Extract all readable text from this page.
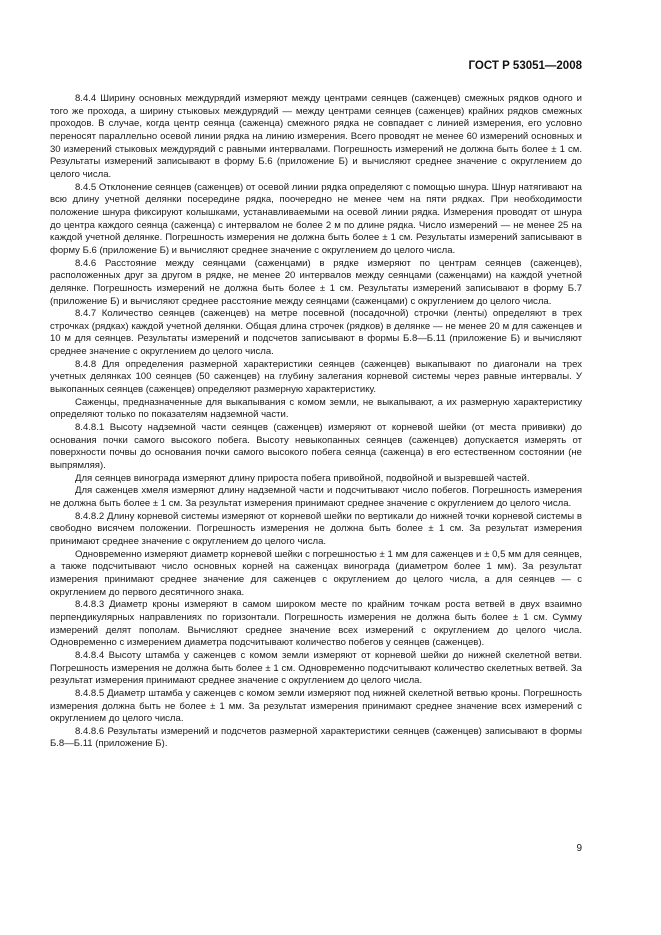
ГОСТ Р 53051—2008

8.4.4 Ширину основных междурядий измеряют между центрами сеянцев (саженцев) смежных рядков одного и того же прохода, а ширину стыковых междурядий — между центрами сеянцев (саженцев) крайних рядков смежных проходов. В случае, когда центр сеянца (саженца) смежного рядка не совпадает с линией измерения, его условно переносят параллельно осевой линии рядка на линию измерения. Всего проводят не менее 60 измерений основных и 30 измерений стыковых междурядий с равными интервалами. Погрешность измерений не должна быть более ± 1 см. Результаты измерений записывают в форму Б.6 (приложение Б) и вычисляют среднее значение с округлением до целого числа.

8.4.5 Отклонение сеянцев (саженцев) от осевой линии рядка определяют с помощью шнура. Шнур натягивают на всю длину учетной делянки посередине рядка, поочередно не менее чем на пяти рядках. При необходимости положение шнура фиксируют колышками, устанавливаемыми на осевой линии рядка. Измерения проводят от шнура до центра каждого сеянца (саженца) с интервалом не более 2 м по длине рядка. Число измерений — не менее 25 на каждой учетной делянке. Погрешность измерения не должна быть более ± 1 см. Результаты измерений записывают в форму Б.6 (приложение Б) и вычисляют среднее значение с округлением до целого числа.

8.4.6 Расстояние между сеянцами (саженцами) в рядке измеряют по центрам сеянцев (саженцев), расположенных друг за другом в рядке, не менее 20 интервалов между сеянцами (саженцами) на каждой учетной делянке. Погрешность измерений не должна быть более ± 1 см. Результаты измерений записывают в форму Б.7 (приложение Б) и вычисляют среднее расстояние между сеянцами (саженцами) с округлением до целого числа.

8.4.7 Количество сеянцев (саженцев) на метре посевной (посадочной) строчки (ленты) определяют в трех строчках (рядках) каждой учетной делянки. Общая длина строчек (рядков) в делянке — не менее 20 м для саженцев и 10 м для сеянцев. Результаты измерений и подсчетов записывают в формы Б.8—Б.11 (приложение Б) и вычисляют среднее значение с округлением до целого числа.

8.4.8 Для определения размерной характеристики сеянцев (саженцев) выкапывают по диагонали на трех учетных делянках 100 сеянцев (50 саженцев) на глубину залегания корневой системы через равные интервалы. У выкопанных сеянцев (саженцев) определяют размерную характеристику.

Саженцы, предназначенные для выкапывания с комом земли, не выкапывают, а их размерную характеристику определяют только по показателям надземной части.

8.4.8.1 Высоту надземной части сеянцев (саженцев) измеряют от корневой шейки (от места прививки) до основания почки самого высокого побега. Высоту невыкопанных сеянцев (саженцев) допускается измерять от поверхности почвы до основания почки самого высокого побега сеянца (саженца) в его естественном состоянии (не выпрямляя).

Для сеянцев винограда измеряют длину прироста побега привойной, подвойной и вызревшей частей.

Для саженцев хмеля измеряют длину надземной части и подсчитывают число побегов. Погрешность измерения не должна быть более ± 1 см. За результат измерения принимают среднее значение с округлением до целого числа.

8.4.8.2 Длину корневой системы измеряют от корневой шейки по вертикали до нижней точки корневой системы в свободно висячем положении. Погрешность измерения не должна быть более ± 1 см. За результат измерения принимают среднее значение с округлением до целого числа.

Одновременно измеряют диаметр корневой шейки с погрешностью ± 1 мм для саженцев и ± 0,5 мм для сеянцев, а также подсчитывают число основных корней на саженцах винограда (диаметром более 1 мм). За результат измерения принимают среднее значение для саженцев с округлением до целого числа, а для сеянцев — с округлением до первого десятичного знака.

8.4.8.3 Диаметр кроны измеряют в самом широком месте по крайним точкам роста ветвей в двух взаимно перпендикулярных направлениях по горизонтали. Погрешность измерения не должна быть более ± 1 см. Сумму измерений делят пополам. Вычисляют среднее значение всех измерений с округлением до целого числа. Одновременно с измерением диаметра подсчитывают количество побегов у сеянцев (саженцев).

8.4.8.4 Высоту штамба у саженцев с комом земли измеряют от корневой шейки до нижней скелетной ветви. Погрешность измерения не должна быть более ± 1 см. Одновременно подсчитывают количество скелетных ветвей. За результат измерения принимают среднее значение с округлением до целого числа.

8.4.8.5 Диаметр штамба у саженцев с комом земли измеряют под нижней скелетной ветвью кроны. Погрешность измерения должна быть не более ± 1 мм. За результат измерения принимают среднее значение всех измерений с округлением до целого числа.

8.4.8.6 Результаты измерений и подсчетов размерной характеристики сеянцев (саженцев) записывают в формы Б.8—Б.11 (приложение Б).

9
